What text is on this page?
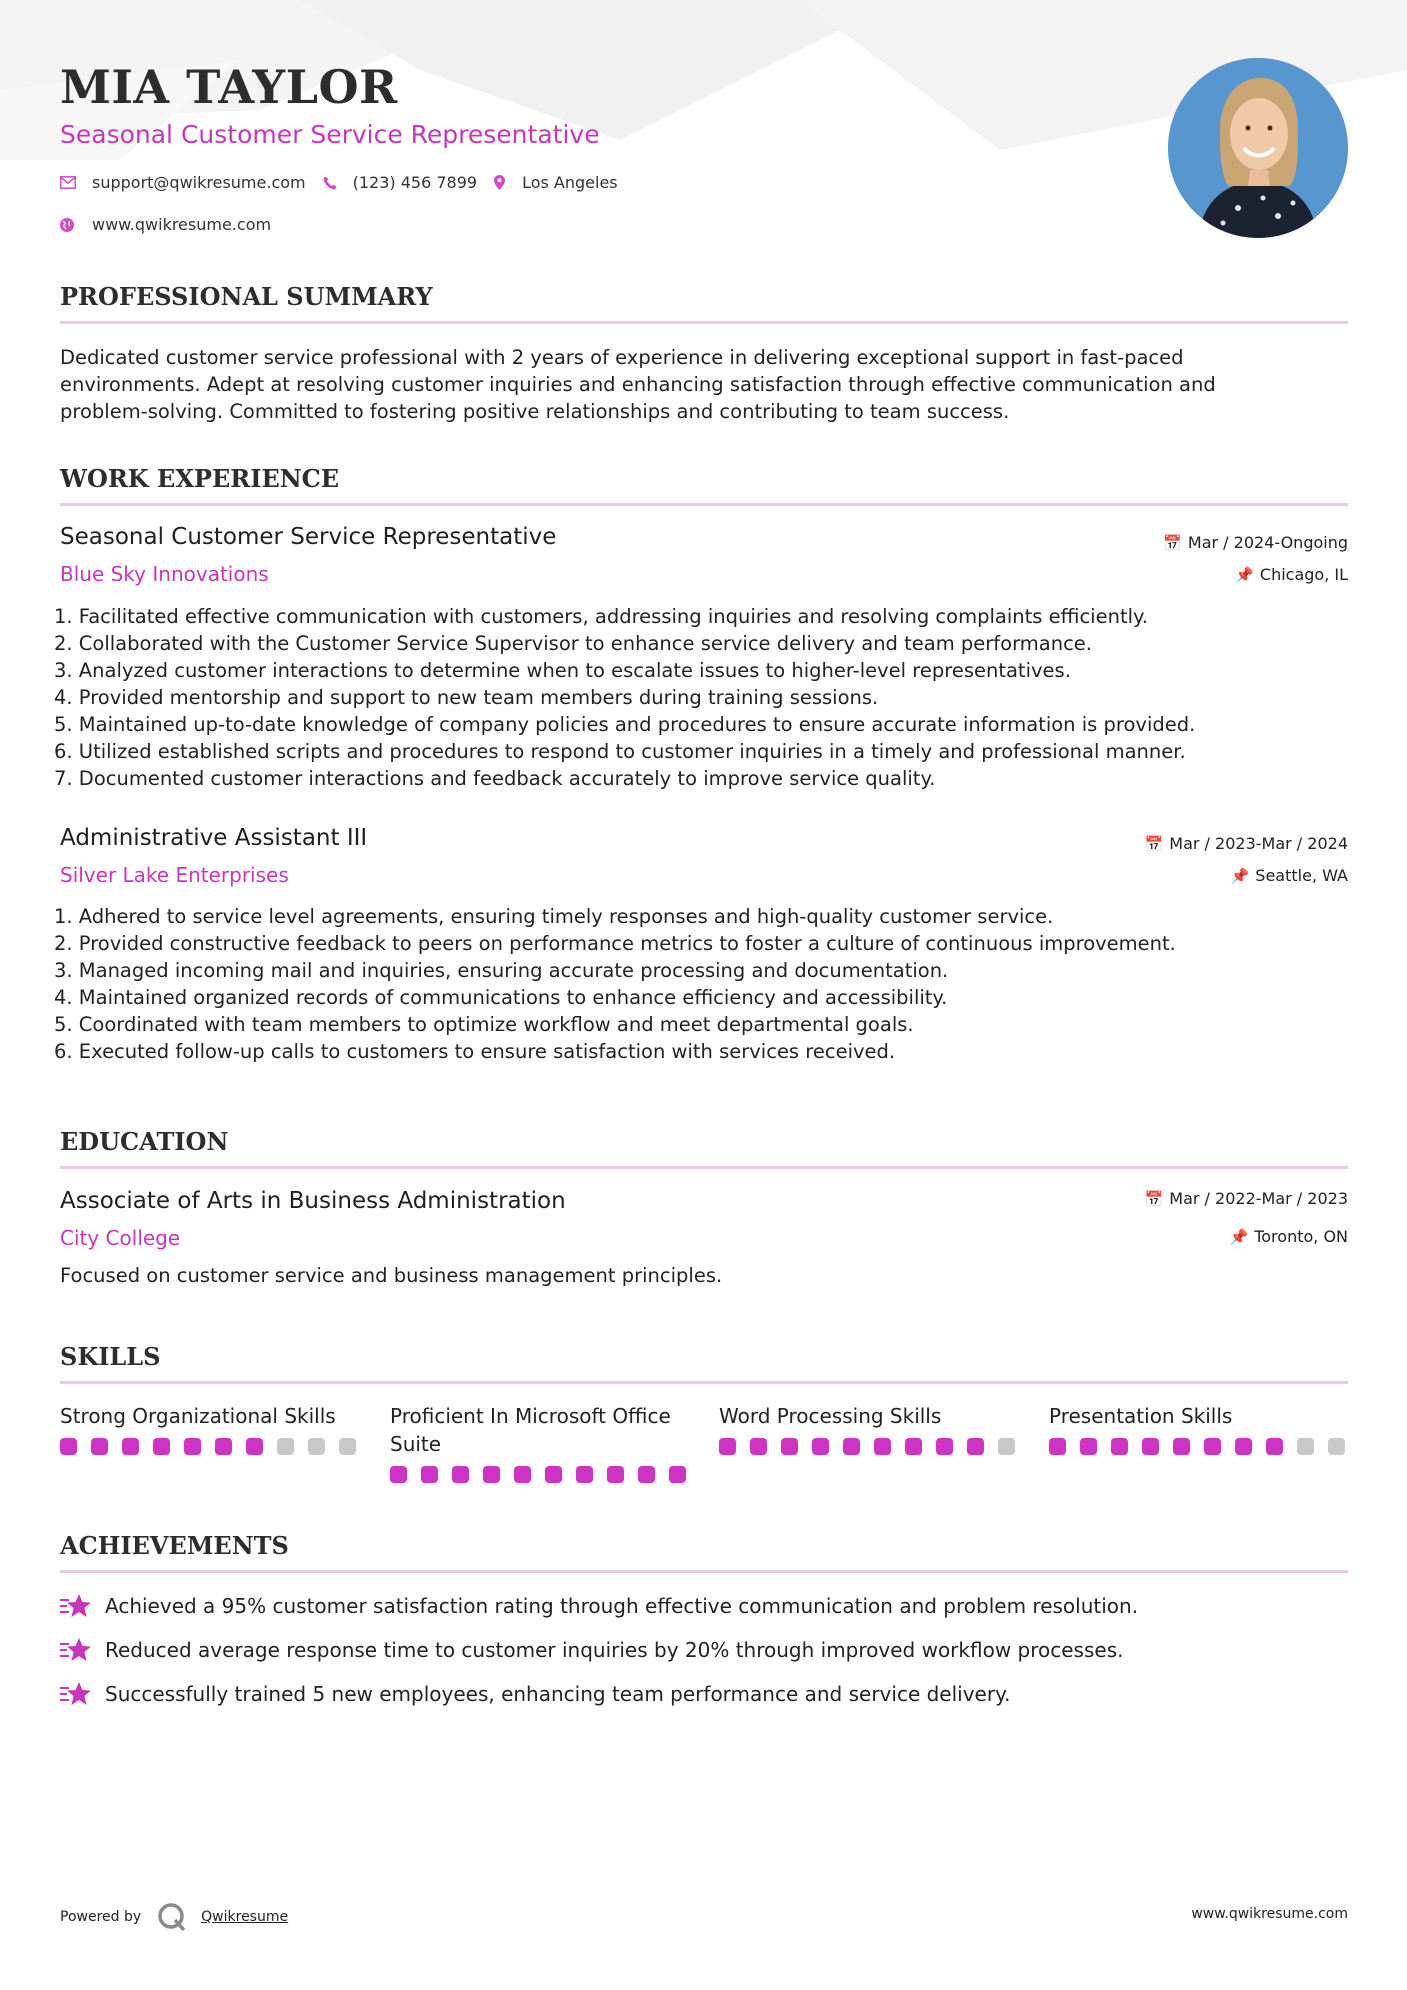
MIA TAYLOR
Seasonal Customer Service Representative
support@qwikresume.com	(123) 456 7899	Los Angeles
www.qwikresume.com
PROFESSIONAL SUMMARY
Dedicated customer service professional with 2 years of experience in delivering exceptional support in fast-paced
environments. Adept at resolving customer inquiries and enhancing satisfaction through effective communication and
problem-solving. Committed to fostering positive relationships and contributing to team success.
WORK EXPERIENCE
Seasonal Customer Service Representative
Blue Sky Innovations
📅 Mar / 2024-Ongoing
📌 Chicago, IL
1. Facilitated effective communication with customers, addressing inquiries and resolving complaints efficiently.
2. Collaborated with the Customer Service Supervisor to enhance service delivery and team performance.
3. Analyzed customer interactions to determine when to escalate issues to higher-level representatives.
4. Provided mentorship and support to new team members during training sessions.
5. Maintained up-to-date knowledge of company policies and procedures to ensure accurate information is provided.
6. Utilized established scripts and procedures to respond to customer inquiries in a timely and professional manner.
7. Documented customer interactions and feedback accurately to improve service quality.
Administrative Assistant III
Silver Lake Enterprises
📅 Mar / 2023-Mar / 2024
📌 Seattle, WA
1. Adhered to service level agreements, ensuring timely responses and high-quality customer service.
2. Provided constructive feedback to peers on performance metrics to foster a culture of continuous improvement.
3. Managed incoming mail and inquiries, ensuring accurate processing and documentation.
4. Maintained organized records of communications to enhance efficiency and accessibility.
5. Coordinated with team members to optimize workflow and meet departmental goals.
6. Executed follow-up calls to customers to ensure satisfaction with services received.
EDUCATION
Associate of Arts in Business Administration
City College
📅 Mar / 2022-Mar / 2023
📌 Toronto, ON
Focused on customer service and business management principles.
SKILLS
Strong Organizational Skills	Proficient In Microsoft Office
Suite
Word Processing Skills	Presentation Skills
ACHIEVEMENTS
Achieved a 95% customer satisfaction rating through effective communication and problem resolution.
Reduced average response time to customer inquiries by 20% through improved workflow processes.
Successfully trained 5 new employees, enhancing team performance and service delivery.
Powered by	Qwikresume	www.qwikresume.com
